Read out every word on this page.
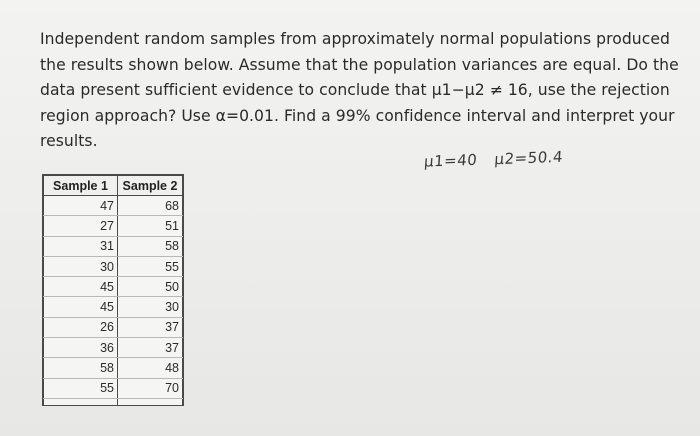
Independent random samples from approximately normal populations produced
the results shown below. Assume that the population variances are equal. Do the
data present sufficient evidence to conclude that μ1−μ2 ≠ 16, use the rejection
region approach? Use α=0.01. Find a 99% confidence interval and interpret your
results.
μ1=40 μ2=50.4
Sample 1	Sample 2
47	68
27	51
31	58
30	55
45	50
45	30
26	37
36	37
58	48
55	70
